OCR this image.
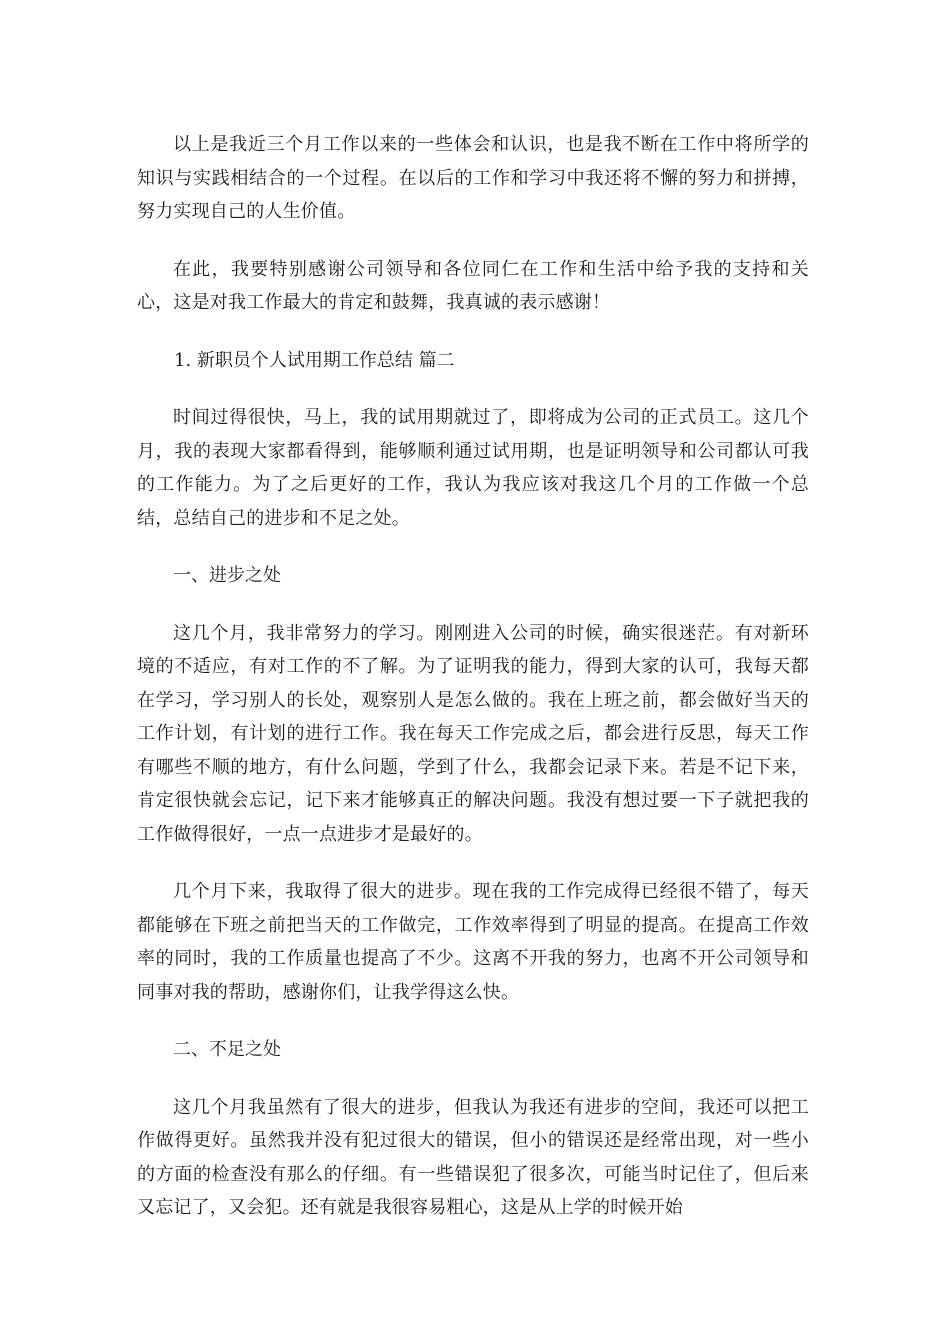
以上是我近三个月工作以来的一些体会和认识，也是我不断在工作中将所学的知识与实践相结合的一个过程。在以后的工作和学习中我还将不懈的努力和拼搏，努力实现自己的人生价值。

在此，我要特别感谢公司领导和各位同仁在工作和生活中给予我的支持和关心，这是对我工作最大的肯定和鼓舞，我真诚的表示感谢！

1. 新职员个人试用期工作总结 篇二

时间过得很快，马上，我的试用期就过了，即将成为公司的正式员工。这几个月，我的表现大家都看得到，能够顺利通过试用期，也是证明领导和公司都认可我的工作能力。为了之后更好的工作，我认为我应该对我这几个月的工作做一个总结，总结自己的进步和不足之处。

一、进步之处

这几个月，我非常努力的学习。刚刚进入公司的时候，确实很迷茫。有对新环境的不适应，有对工作的不了解。为了证明我的能力，得到大家的认可，我每天都在学习，学习别人的长处，观察别人是怎么做的。我在上班之前，都会做好当天的工作计划，有计划的进行工作。我在每天工作完成之后，都会进行反思，每天工作有哪些不顺的地方，有什么问题，学到了什么，我都会记录下来。若是不记下来，肯定很快就会忘记，记下来才能够真正的解决问题。我没有想过要一下子就把我的工作做得很好，一点一点进步才是最好的。

几个月下来，我取得了很大的进步。现在我的工作完成得已经很不错了，每天都能够在下班之前把当天的工作做完，工作效率得到了明显的提高。在提高工作效率的同时，我的工作质量也提高了不少。这离不开我的努力，也离不开公司领导和同事对我的帮助，感谢你们，让我学得这么快。

二、不足之处

这几个月我虽然有了很大的进步，但我认为我还有进步的空间，我还可以把工作做得更好。虽然我并没有犯过很大的错误，但小的错误还是经常出现，对一些小的方面的检查没有那么的仔细。有一些错误犯了很多次，可能当时记住了，但后来又忘记了，又会犯。还有就是我很容易粗心，这是从上学的时候开始
